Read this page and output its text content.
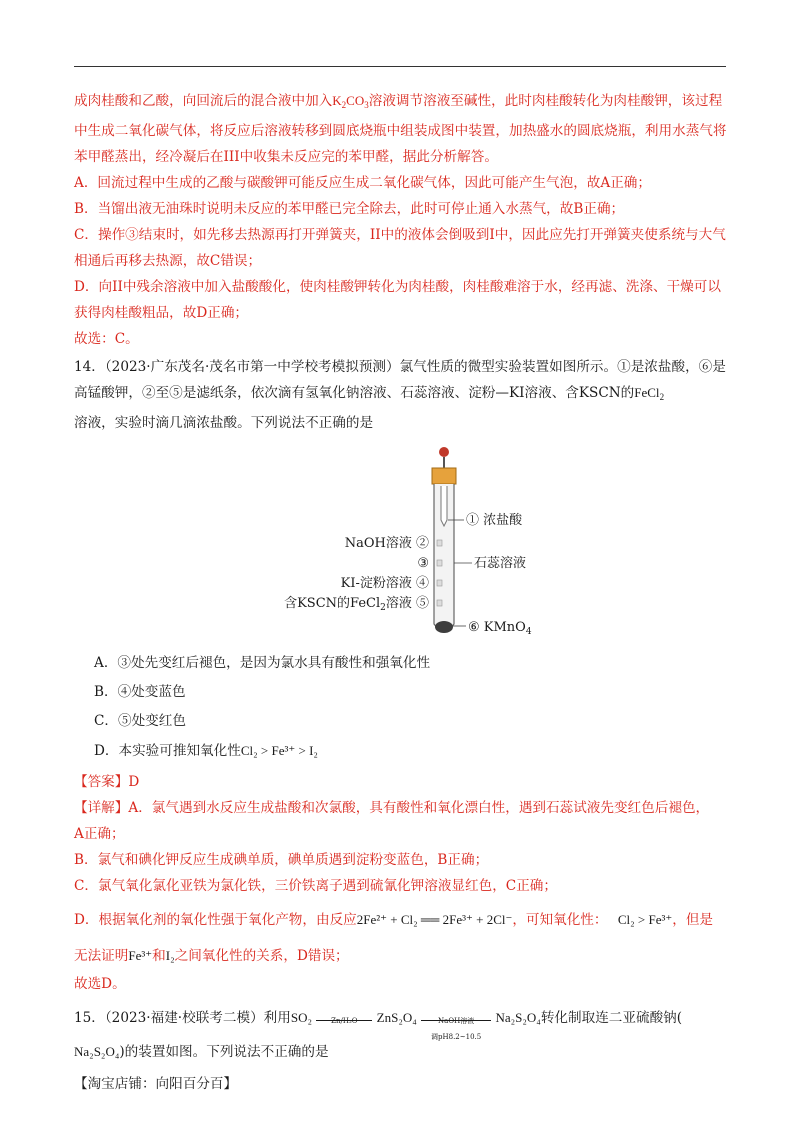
成肉桂酸和乙酸，向回流后的混合液中加入$K_2CO_3$溶液调节溶液至碱性，此时肉桂酸转化为肉桂酸钾，该过程中生成二氧化碳气体，将反应后溶液转移到圆底烧瓶中组装成图中装置，加热盛水的圆底烧瓶，利用水蒸气将苯甲醛蒸出，经冷凝后在III中收集未反应完的苯甲醛，据此分析解答。

A．回流过程中生成的乙酸与碳酸钾可能反应生成二氧化碳气体，因此可能产生气泡，故A正确；

B．当馏出液无油珠时说明未反应的苯甲醛已完全除去，此时可停止通入水蒸气，故B正确；

C．操作③结束时，如先移去热源再打开弹簧夹，II中的液体会倒吸到I中，因此应先打开弹簧夹使系统与大气相通后再移去热源，故C错误；

D．向II中残余溶液中加入盐酸酸化，使肉桂酸钾转化为肉桂酸，肉桂酸难溶于水，经再滤、洗涤、干燥可以获得肉桂酸粗品，故D正确；

故选：C。

14．（2023·广东茂名·茂名市第一中学校考模拟预测）氯气性质的微型实验装置如图所示。①是浓盐酸，⑥是高锰酸钾，②至⑤是滤纸条，依次滴有氢氧化钠溶液、石蕊溶液、淀粉—KI溶液、含KSCN的FeCl$_2$
溶液，实验时滴几滴浓盐酸。下列说法不正确的是

① 浓盐酸
NaOH溶液 ②
③	石蕊溶液
KI-淀粉溶液 ④
含KSCN的FeCl$_2$溶液 ⑤
⑥ KMnO$_4$

A．③处先变红后褪色，是因为氯水具有酸性和强氧化性

B．④处变蓝色

C．⑤处变红色

D．本实验可推知氧化性Cl₂ > Fe³⁺ > I₂

【答案】D

【详解】A．氯气遇到水反应生成盐酸和次氯酸，具有酸性和氧化漂白性，遇到石蕊试液先变红色后褪色，
A正确；

B．氯气和碘化钾反应生成碘单质，碘单质遇到淀粉变蓝色，B正确；

C．氯气氧化氯化亚铁为氯化铁，三价铁离子遇到硫氰化钾溶液显红色，C正确；

D．根据氧化剂的氧化性强于氧化产物，由反应2Fe²⁺ + Cl₂ ══ 2Fe³⁺ + 2Cl⁻，可知氧化性： Cl₂ > Fe³⁺，但是

无法证明Fe³⁺和I₂之间氧化性的关系，D错误；

故选D。

15．（2023·福建·校联考二模）利用SO₂	Zn/H₂O	ZnS₂O₄	NaOH溶液
调pH8.2~10.5
Na₂S₂O₄转化制取连二亚硫酸钠(
Na₂S₂O₄)的装置如图。下列说法不正确的是
【淘宝店铺：向阳百分百】
